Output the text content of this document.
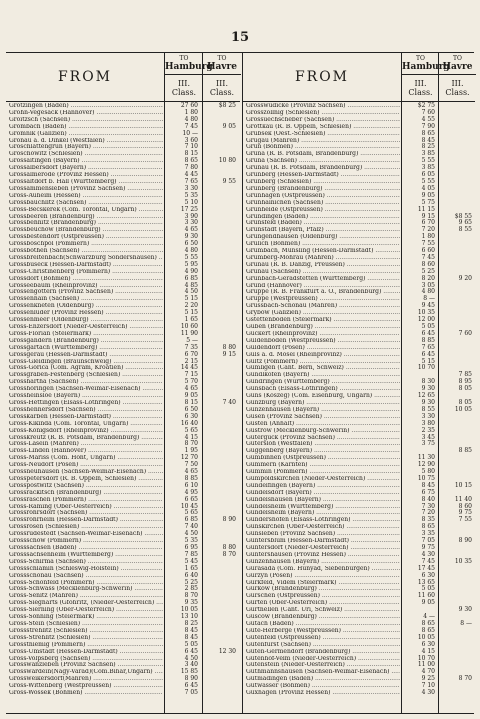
15
FROM
TO
Hamburg
III. Class.
TO
Havre
III. Class.
Grötzingen (Baden) .....	27 60	$8 25
Grohn-Vegesack (Hannover) .....	1 80
Groitzsch (Sachsen) .....	4 80
Grombach (Baden) .....	7 45	9 05
Gromnik (Galizien) .....	10 —
Gronau a. d. Dinkel (Westfalen) .....	3 60
Groschlattengrün (Bayern) .....	7 10
Groschowitz (Schlesien) .....	8 15
Grossaitingen (Bayern) .....	8 65	10 80
Grossalbersdorf (Bayern) .....	7 80
Grossalmerode (Provinz Hessen) .....	4 45
Grossaltdorf b. Hall (Württemberg) .....	7 65	9 55
Grossammensleben (Provinz Sachsen) .....	3 30
Gross-Auheim (Hessen) .....	5 35
Grossbauchlitz (Sachsen) .....	5 10
Gross-Becskerek (Com. Torontál, Ungarn) .....	17 25
Grossbeeren (Brandenburg) .....	3 90
Grossbehnitz (Brandenburg) .....	3 30
Grossbeuchow (Brandenburg) .....	4 65
Grossbestendorf (Ostpreussen) .....	9 30
Grossboschpol (Pommern) .....	6 50
Grossbothen (Sachsen) .....	4 80
Grossbreitenbach(Schwarzburg Sondershausen) .....	5 55
Grossbuseck (Hessen-Darmstadt) .....	5 95
Gross-Christinenberg (Pommern) .....	4 90
Grossdorf (Böhmen) .....	6 85
Grosseebaum (Rheinprovinz) .....	4 85
Grossengottern (Provinz Sachsen) .....	4 50
Grossenhain (Sachsen) .....	5 15
Grossenkneten (Oldenburg) .....	2 20
Grossenlüder (Provinz Hessen) .....	5 15
Grossenmeer (Oldenburg) .....	1 65
Gross-Enzersdorf (Nieder-Oesterreich) .....	10 60
Gross-Florian (Steiermark) .....	11 90
Grossgandern (Brandenburg) .....	5 —
Grossgartach (Württemberg) .....	7 35	8 80
Grossgerau (Hessen-Darmstadt) .....	6 70	9 15
Gross-Gleidingen (Braunschweig) .....	2 15
Gross-Gorica (Com. Agram, Kroatien) .....	14 45
Grossgraben-Festenberg (Schlesien) .....	7 15
Grosshartha (Sachsen) .....	5 70
Grosshöringen (Sachsen-Weimar-Eisenach) .....	4 65
Grossheinsloe (Bayern) .....	9 05
Gross-Hettingen (Elsass-Lothringen) .....	8 15	7 40
Grosshennersdorf (Sachsen) .....	6 50
Grosskarben (Hessen-Darmstadt) .....	6 30
Gross-Kikinda (Com. Torontál, Ungarn) .....	16 40
Gross-Königsdorf (Rheinprovinz) .....	5 65
Grosskreutz (R. B. Potsdam, Brandenburg) .....	4 15
Gross-Lasein (Mähren) .....	8 70
Gross-Linden (Hannover) .....	1 95
Gross-Mariss (Com. Hont, Ungarn) .....	12 70
Gross-Neudorf (Posen) .....	7 50
Grossneuhausen (Sachsen-Weimar-Eisenach) .....	4 65
Grosspetersdorf (R. B. Oppeln, Schlesien) .....	8 85
Grosspostwitz (Sachsen) .....	6 10
Grossrackitsch (Brandenburg) .....	4 95
Grossraschen (Pommern) .....	6 65
Gross-Raming (Ober-Oesterreich) .....	10 45
Grossrohrsdorf (Sachsen) .....	5 65
Grossrohrheim (Hessen-Darmstadt) .....	6 85	8 90
Grossrosen (Schlesien) .....	7 40
Grossrudestedt (Sachsen-Weimar-Eisenach) .....	4 50
Grossschow (Pommern) .....	5 35
Grosssachsen (Baden) .....	6 95	8 80
Grosssachsenheim (Württemberg) .....	7 85	8 70
Gross-Schirma (Sachsen) .....	5 45
Grossschlamin (Schleswig-Holstein) .....	1 65
Grossschönau (Sachsen) .....	6 40
Gross-Schönfeld (Pommern) .....	5 25
Gross-Schwass (Mecklenburg-Schwerin) .....	2 85
Gross-Senitz (Mähren) .....	8 70
Gross-Siegharts (Gföhritz, (Nieder-Oesterreich) .....	9 35
Gross-Sierning (Ober-Oesterreich) .....	10 05
Gross-Sonning (Steiermark) .....	13 10
Gross-Stein (Schlesien) .....	8 25
Grossstrehlitz (Schlesien) .....	8 45
Gross-Strehlitz (Schlesien) .....	8 45
Grossthiemig (Pommern) .....	5 05
Gross-Umstadt (Hessen-Darmstadt) .....	6 45	12 30
Gross-Volpsberg (Sachsen) .....	4 50
Grosswanzleben (Provinz Sachsen) .....	3 40
Grosswardein(Nagy-Várad)(Com.Bihar,Ungarn) .....	15 85
Grossweikersdorf(Mähren) .....	8 90
Gross-Wittenberg (Westpreussen) .....	6 45
Gross-Wossek (Böhmen) .....	7 05
FROM
TO
Hamburg
III. Class.
TO
Havre
III. Class.
Grosswudicke (Provinz Sachsen) .....	$2 75
Grosszöllnig (Schlesien) .....	7 60
Grossuechscheber (Sachsen) .....	4 55
Grottkau (R. B. Oppeln, Schlesien) .....	7 90
Grubšek (Oest.-Schlesien) .....	8 65
Grügau (Mähren) .....	8 45
Grün (Böhmen) .....	8 25
Grüna (R. B. Potsdam, Brandenburg) .....	3 85
Grüna (Sachsen) .....	5 55
Grünau (R. B. Potsdam, Brandenburg) .....	3 85
Grünberg (Hessen-Darmstadt) .....	6 05
Grünberg (Schlesien) .....	5 55
Grünberg (Brandenburg) .....	4 05
Grünhagen (Ostpreussen) .....	9 05
Grünhainichen (Sachsen) .....	5 75
Grünheide (Ostpreussen) .....	11 15
Gründingen (Baden) .....	9 15	$8 55
Grünsfeld (Baden) .....	6 70	9 65
Grünstadt (Bayern, Pfalz) .....	7 20	8 55
Grüngendhausen (Oldenburg) .....	1 80
Grulich (Böhmen) .....	7 55
Grumbach, Münsling (Hessen-Darmstadt) .....	6 60
Grumberg-Mohrau (Mähren) .....	7 45
Grunau (R. B. Danzig, Preussen) .....	8 60
Grunau (Sachsen) .....	5 25
Grunbach-Geradstetten (Württemberg) .....	8 20	9 20
Grund (Hannover) .....	3 05
Gruppe (R. B. Frankfurt a. O., Brandenburg) .....	4 80
Gruppe (Westpreussen) .....	8 —
Grussbach-Schönau (Mähren) .....	9 45
Grybów (Galizien) .....	10 35
Gstettenboden (Steiermark) .....	12 00
Guben (Brandenburg) .....	5 05
Guckert (Rheinprovinz) .....	6 45	7 60
Güldenboden (Westpreussen) .....	8 85
Güldendorf (Posen) .....	7 65
Güls a. d. Mosel (Rheinprovinz) .....	6 45
Gültz (Pommern) .....	5 15
Gümligen (Cant. Bern, Schweiz) .....	10 70
Gündlkofen (Bayern) .....	7 85
Gündringen (Württemberg) .....	8 30	8 95
Günsbach (Elsass-Lothringen) .....	9 30	8 05
Güns (Köszeg) (Com. Eisenburg, Ungarn) .....	12 65
Günzburg (Bayern) .....	9 30	8 05
Günzenhausen (Bayern) .....	8 55	10 05
Güsen (Provinz Sachsen) .....	3 30
Güsten (Anhalt) .....	3 80
Güstrow (Mecklenburg-Schwerin) .....	2 35
Gütergück (Provinz Sachsen) .....	3 45
Gütersloh (Westfalen) .....	3 75
Guggenberg (Bayern) .....	8 85
Gumbinnen (Ostpreussen) .....	11 30
Gummern (Kärnten) .....	12 90
Gummin (Pommern) .....	5 80
Gumpoldskirchen (Nieder-Oesterreich) .....	10 75
Gundelfingen (Bayern) .....	8 45	10 15
Gundelsdorf (Bayern) .....	6 75
Gundelshausen (Bayern) .....	8 40	11 40
Gundelsheim (Württemberg) .....	7 30	8 60
Gundelsheim (Bayern) .....	7 20	9 75
Gundershofen (Elsass-Lothringen) .....	8 35	7 55
Gunskirchen (Ober-Oesterreich) .....	8 65
Gunsleben (Provinz Sachsen) .....	3 35
Guntersblum (Hessen-Darmstadt) .....	7 05	8 90
Guntersdorf (Nieder-Oesterreich) .....	9 75
Guntershausen (Provinz Hessen) .....	4 30
Gunzenhausen (Bayern) .....	7 45	10 35
Gurasada (Com. Hunyad, Siebenbürgen) .....	17 45
Gurzyn (Posen) .....	6 30
Gurkfeld, Videm (Steiermark) .....	13 65
Gurkow (Brandenburg) .....	5 05
Gurschen (Ostpreussen) .....	11 60
Gurten (Ober-Oesterreich) .....	9 05
Gurtnellen (Cant. Uri, Schweiz) .....	9 30
Guscow (Brandenburg) .....	4 —
Gutach (Baden) .....	8 65	8 —
Gute-Herberge (Westpreussen) .....	8 65
Gutenfeld (Ostpreussen) .....	10 05
Gutenfurst (Sachsen) .....	6 30
Guten-Germendorf (Brandenburg) .....	4 15
Gutenhof-Velm (Nieder-Oesterreich) .....	10 70
Gutenstein (Nieder-Oesterreich) .....	11 00
Guthmannshausen (Sachsen-Weimar-Eisenach) .....	4 70
Gutmadingen (Baden) .....	9 25	8 70
Gutwasser (Böhmen) .....	7 10
Guxhagen (Provinz Hessen) .....	4 30
